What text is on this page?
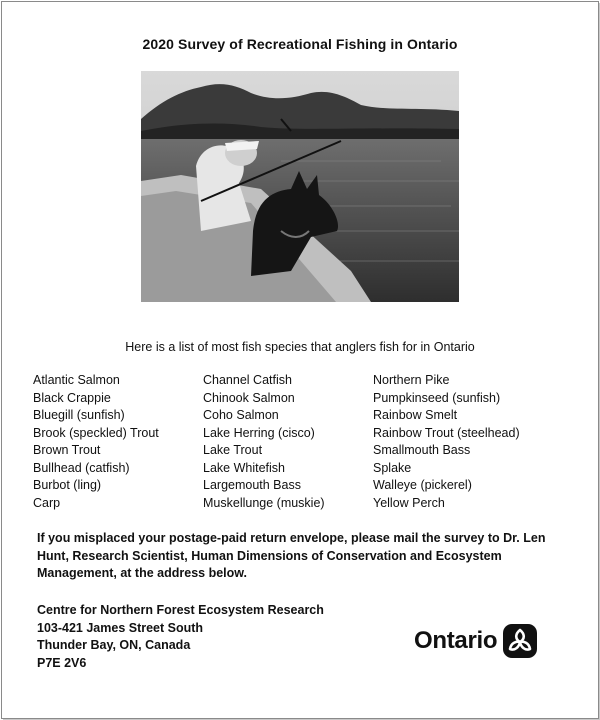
2020 Survey of Recreational Fishing in Ontario
Here is a list of most fish species that anglers fish for in Ontario
Atlantic Salmon
Black Crappie
Bluegill (sunfish)
Brook (speckled) Trout
Brown Trout
Bullhead (catfish)
Burbot (ling)
Carp
Channel Catfish
Chinook Salmon
Coho Salmon
Lake Herring (cisco)
Lake Trout
Lake Whitefish
Largemouth Bass
Muskellunge (muskie)
Northern Pike
Pumpkinseed (sunfish)
Rainbow Smelt
Rainbow Trout (steelhead)
Smallmouth Bass
Splake
Walleye (pickerel)
Yellow Perch
If you misplaced your postage-paid return envelope, please mail the survey to Dr. Len Hunt, Research Scientist, Human Dimensions of Conservation and Ecosystem Management, at the address below.
Centre for Northern Forest Ecosystem Research
103-421 James Street South
Thunder Bay, ON, Canada
P7E 2V6
Ontario
